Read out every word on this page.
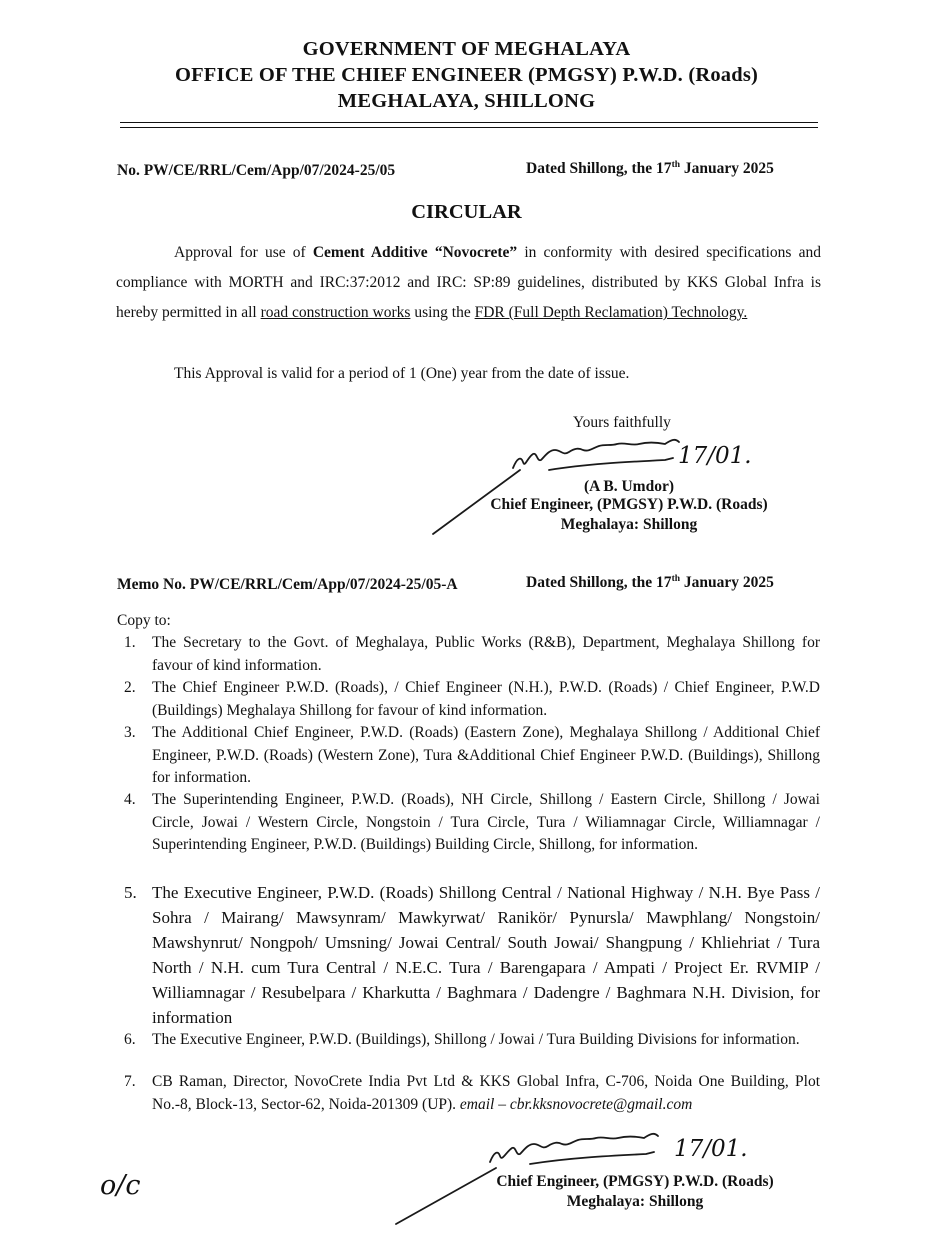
GOVERNMENT OF MEGHALAYA
OFFICE OF THE CHIEF ENGINEER (PMGSY) P.W.D. (Roads)
MEGHALAYA, SHILLONG
No. PW/CE/RRL/Cem/App/07/2024-25/05	Dated Shillong, the 17th January 2025
CIRCULAR
Approval for use of Cement Additive “Novocrete” in conformity with desired specifications and compliance with MORTH and IRC:37:2012 and IRC: SP:89 guidelines, distributed by KKS Global Infra is hereby permitted in all road construction works using the FDR (Full Depth Reclamation) Technology.
This Approval is valid for a period of 1 (One) year from the date of issue.
Yours faithfully
17/01.
(A B. Umdor)
Chief Engineer, (PMGSY) P.W.D. (Roads)
Meghalaya: Shillong
Memo No. PW/CE/RRL/Cem/App/07/2024-25/05-A	Dated Shillong, the 17th January 2025
Copy to:
1. The Secretary to the Govt. of Meghalaya, Public Works (R&B), Department, Meghalaya Shillong for favour of kind information.
2. The Chief Engineer P.W.D. (Roads), / Chief Engineer (N.H.), P.W.D. (Roads) / Chief Engineer, P.W.D (Buildings) Meghalaya Shillong for favour of kind information.
3. The Additional Chief Engineer, P.W.D. (Roads) (Eastern Zone), Meghalaya Shillong / Additional Chief Engineer, P.W.D. (Roads) (Western Zone), Tura &Additional Chief Engineer P.W.D. (Buildings), Shillong for information.
4. The Superintending Engineer, P.W.D. (Roads), NH Circle, Shillong / Eastern Circle, Shillong / Jowai Circle, Jowai / Western Circle, Nongstoin / Tura Circle, Tura / Wiliamnagar Circle, Williamnagar / Superintending Engineer, P.W.D. (Buildings) Building Circle, Shillong, for information.
5. The Executive Engineer, P.W.D. (Roads) Shillong Central / National Highway / N.H. Bye Pass / Sohra / Mairang/ Mawsynram/ Mawkyrwat/ Ranikör/ Pynursla/ Mawphlang/ Nongstoin/ Mawshynrut/ Nongpoh/ Umsning/ Jowai Central/ South Jowai/ Shangpung / Khliehriat / Tura North / N.H. cum Tura Central / N.E.C. Tura / Barengapara / Ampati / Project Er. RVMIP / Williamnagar / Resubelpara / Kharkutta / Baghmara / Dadengre / Baghmara N.H. Division, for information
6. The Executive Engineer, P.W.D. (Buildings), Shillong / Jowai / Tura Building Divisions for information.
7. CB Raman, Director, NovoCrete India Pvt Ltd & KKS Global Infra, C-706, Noida One Building, Plot No.-8, Block-13, Sector-62, Noida-201309 (UP). email – cbr.kksnovocrete@gmail.com
17/01.
Chief Engineer, (PMGSY) P.W.D. (Roads)
Meghalaya: Shillong
o/c
